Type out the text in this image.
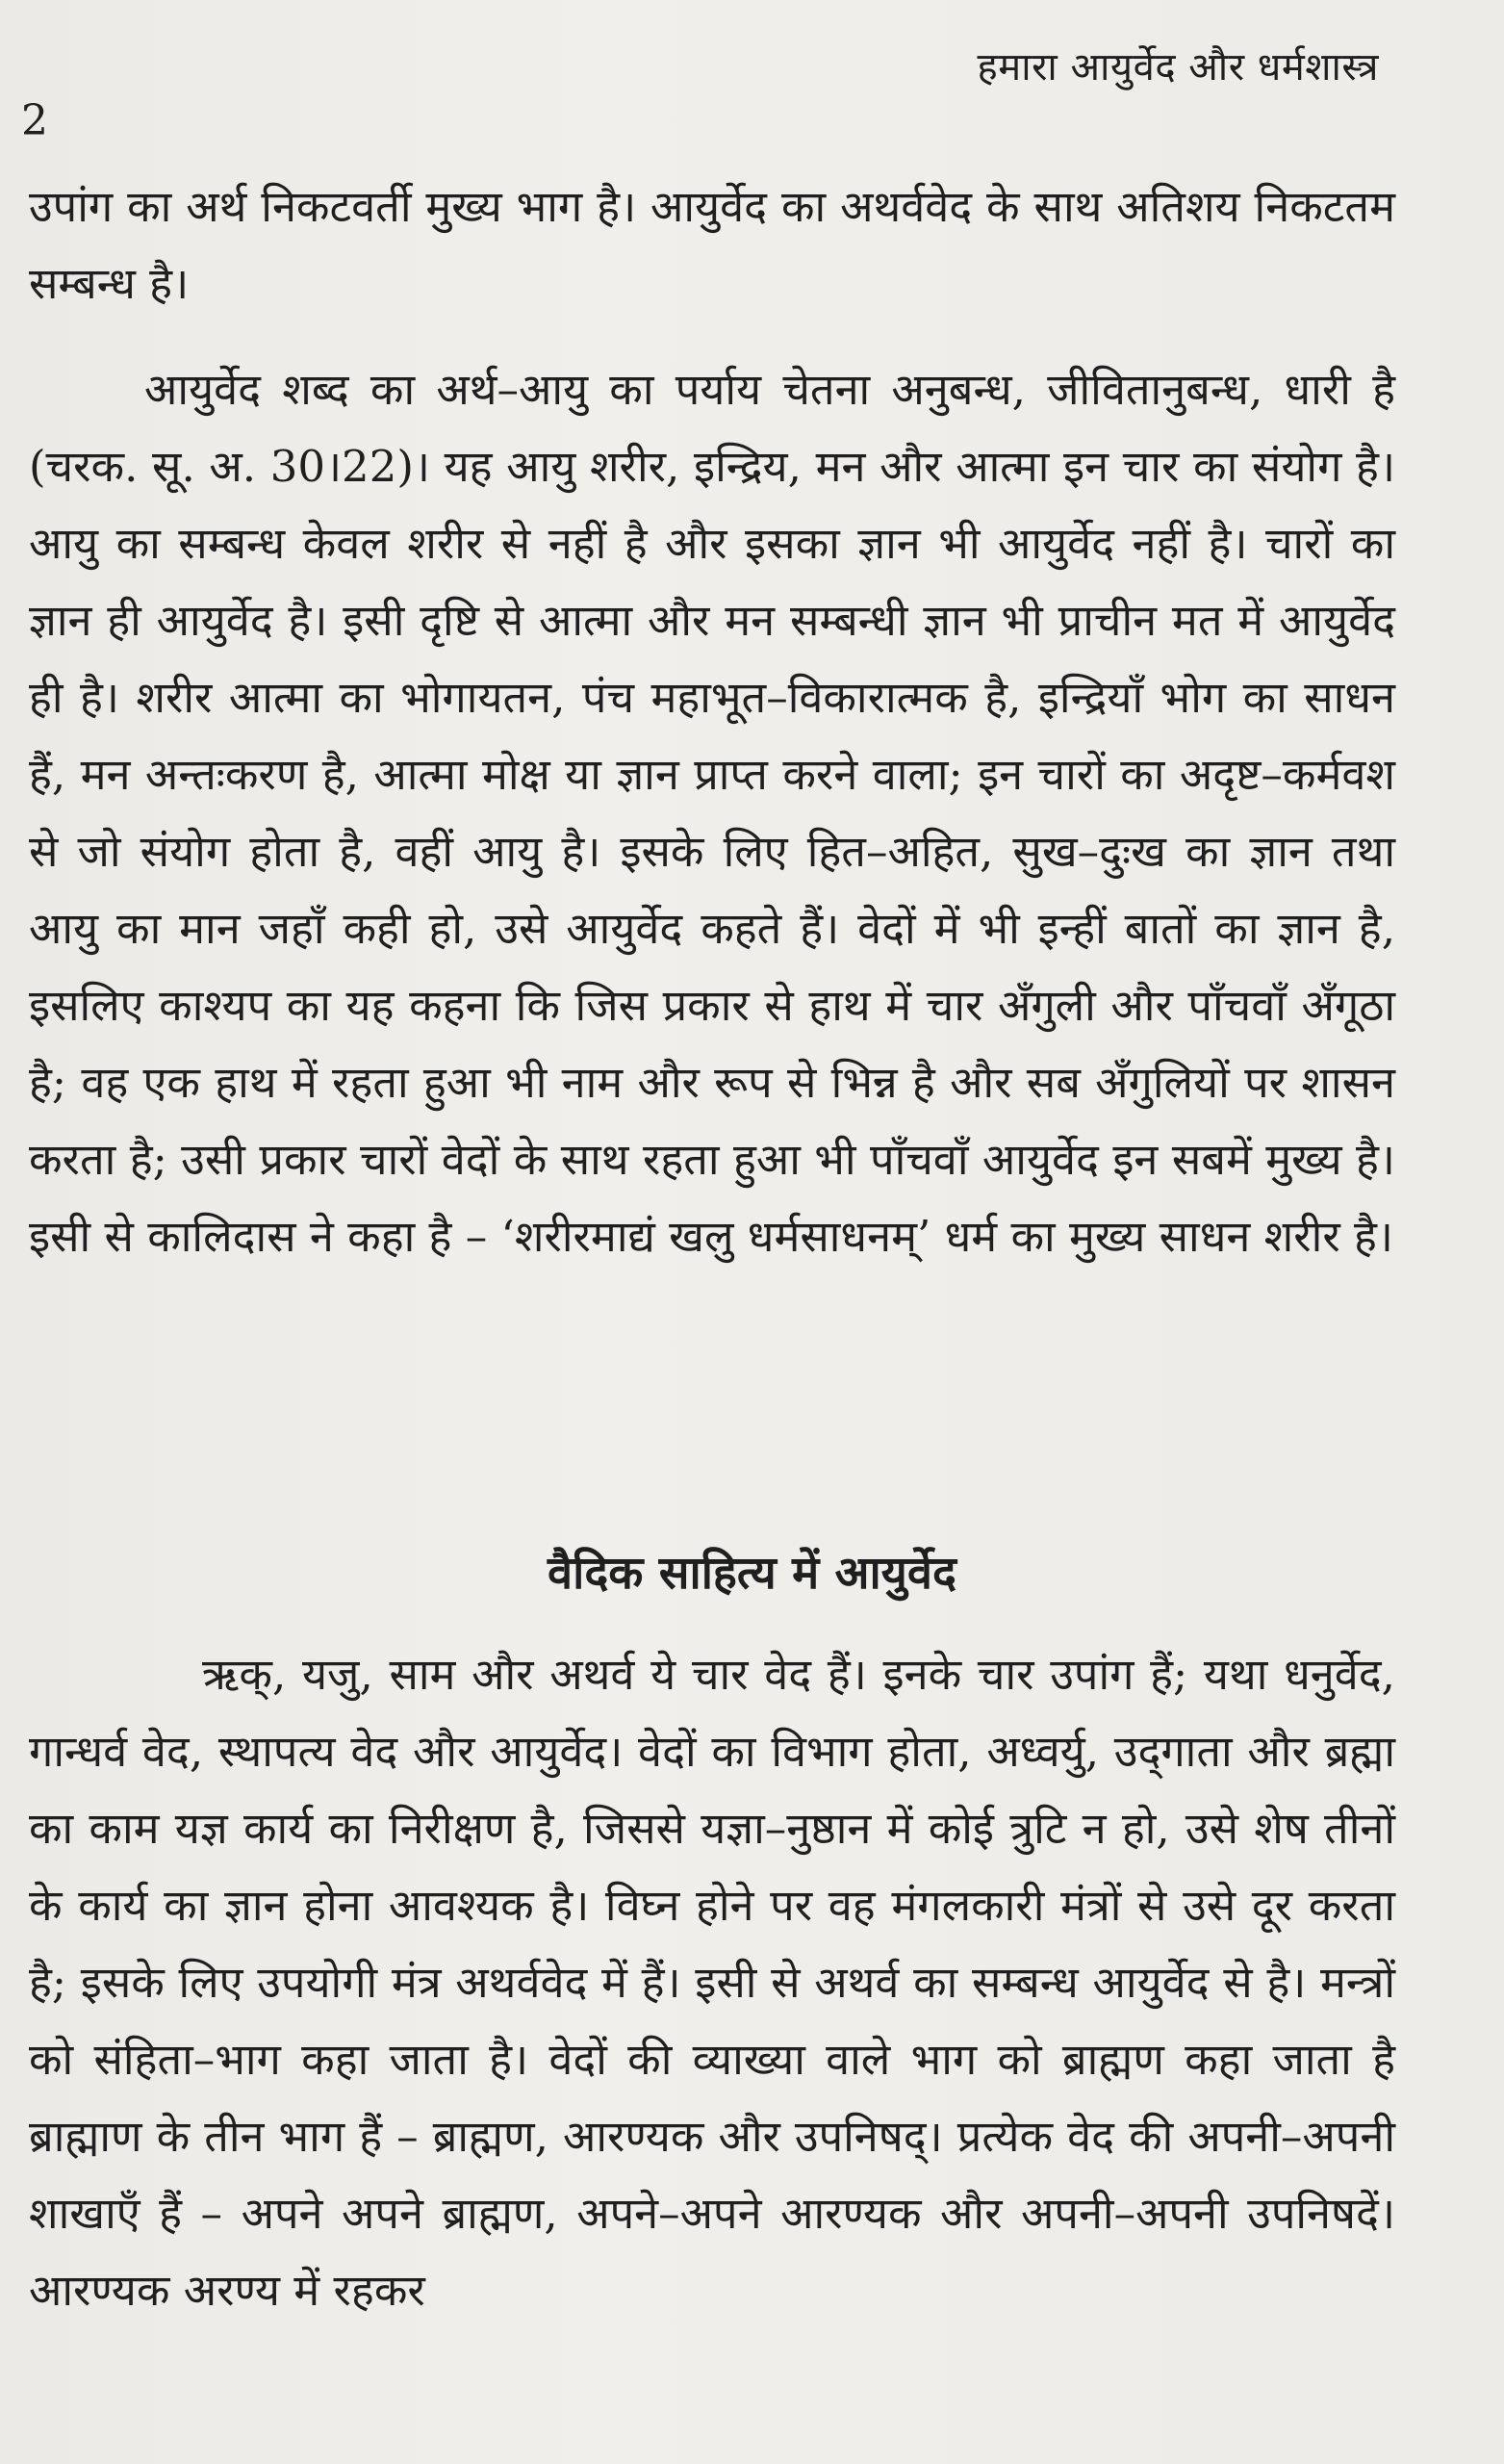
हमारा आयुर्वेद और धर्मशास्त्र
2
उपांग का अर्थ निकटवर्ती मुख्य भाग है। आयुर्वेद का अथर्ववेद के साथ अतिशय निकटतम सम्बन्ध है।
आयुर्वेद शब्द का अर्थ–आयु का पर्याय चेतना अनुबन्ध, जीवितानुबन्ध, धारी है (चरक. सू. अ. 30।22)। यह आयु शरीर, इन्द्रिय, मन और आत्मा इन चार का संयोग है।आयु का सम्बन्ध केवल शरीर से नहीं है और इसका ज्ञान भी आयुर्वेद नहीं है। चारों का ज्ञान ही आयुर्वेद है। इसी दृष्टि से आत्मा और मन सम्बन्धी ज्ञान भी प्राचीन मत में आयुर्वेद ही है। शरीर आत्मा का भोगायतन, पंच महाभूत–विकारात्मक है, इन्द्रियाँ भोग का साधन हैं, मन अन्तःकरण है, आत्मा मोक्ष या ज्ञान प्राप्त करने वाला; इन चारों का अदृष्ट–कर्मवश से जो संयोग होता है, वहीं आयु है। इसके लिए हित–अहित, सुख–दुःख का ज्ञान तथा आयु का मान जहाँ कही हो, उसे आयुर्वेद कहते हैं। वेदों में भी इन्हीं बातों का ज्ञान है, इसलिए काश्यप का यह कहना कि जिस प्रकार से हाथ में चार अँगुली और पाँचवाँ अँगूठा है; वह एक हाथ में रहता हुआ भी नाम और रूप से भिन्न है और सब अँगुलियों पर शासन करता है; उसी प्रकार चारों वेदों के साथ रहता हुआ भी पाँचवाँ आयुर्वेद इन सबमें मुख्य है। इसी से कालिदास ने कहा है – ‘शरीरमाद्यं खलु धर्मसाधनम्’ धर्म का मुख्य साधन शरीर है।
वैदिक साहित्य में आयुर्वेद
ऋक्, यजु, साम और अथर्व ये चार वेद हैं। इनके चार उपांग हैं; यथा धनुर्वेद, गान्धर्व वेद, स्थापत्य वेद और आयुर्वेद। वेदों का विभाग होता, अध्वर्यु, उद्‌गाता और ब्रह्मा का काम यज्ञ कार्य का निरीक्षण है, जिससे यज्ञा–नुष्ठान में कोई त्रुटि न हो, उसे शेष तीनों के कार्य का ज्ञान होना आवश्यक है। विघ्न होने पर वह मंगलकारी मंत्रों से उसे दूर करता है; इसके लिए उपयोगी मंत्र अथर्ववेद में हैं। इसी से अथर्व का सम्बन्ध आयुर्वेद से है। मन्त्रों को संहिता–भाग कहा जाता है। वेदों की व्याख्या वाले भाग को ब्राह्मण कहा जाता है ब्राह्माण के तीन भाग हैं – ब्राह्मण, आरण्यक और उपनिषद्। प्रत्येक वेद की अपनी–अपनी शाखाएँ हैं – अपने अपने ब्राह्मण, अपने–अपने आरण्यक और अपनी–अपनी उपनिषदें। आरण्यक अरण्य में रहकर
